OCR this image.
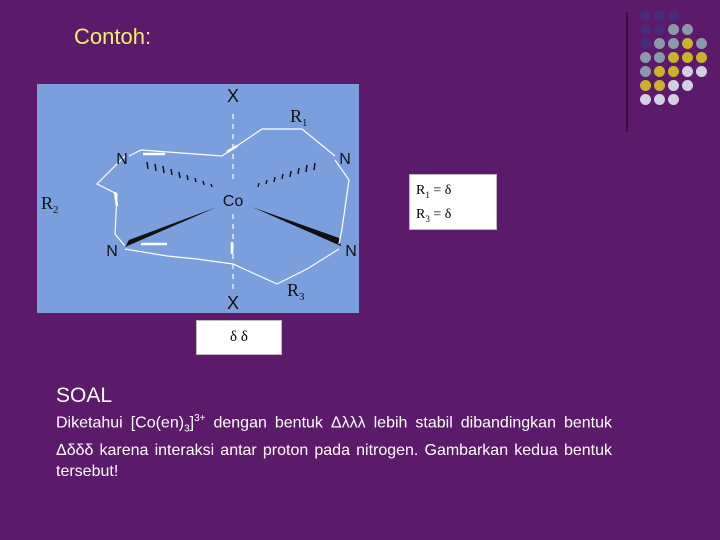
Contoh:
X
X
Co
N	N
N	N
$R_1$
$R_2$
$R_3$
$R_1 = \delta$
$R_3 = \delta$
δ δ
SOAL
Diketahui $[Co(en)_3]^{3+}$ dengan bentuk Δλλλ lebih stabil dibandingkan bentuk Δδδδ karena interaksi antar proton pada nitrogen. Gambarkan kedua bentuk tersebut!
